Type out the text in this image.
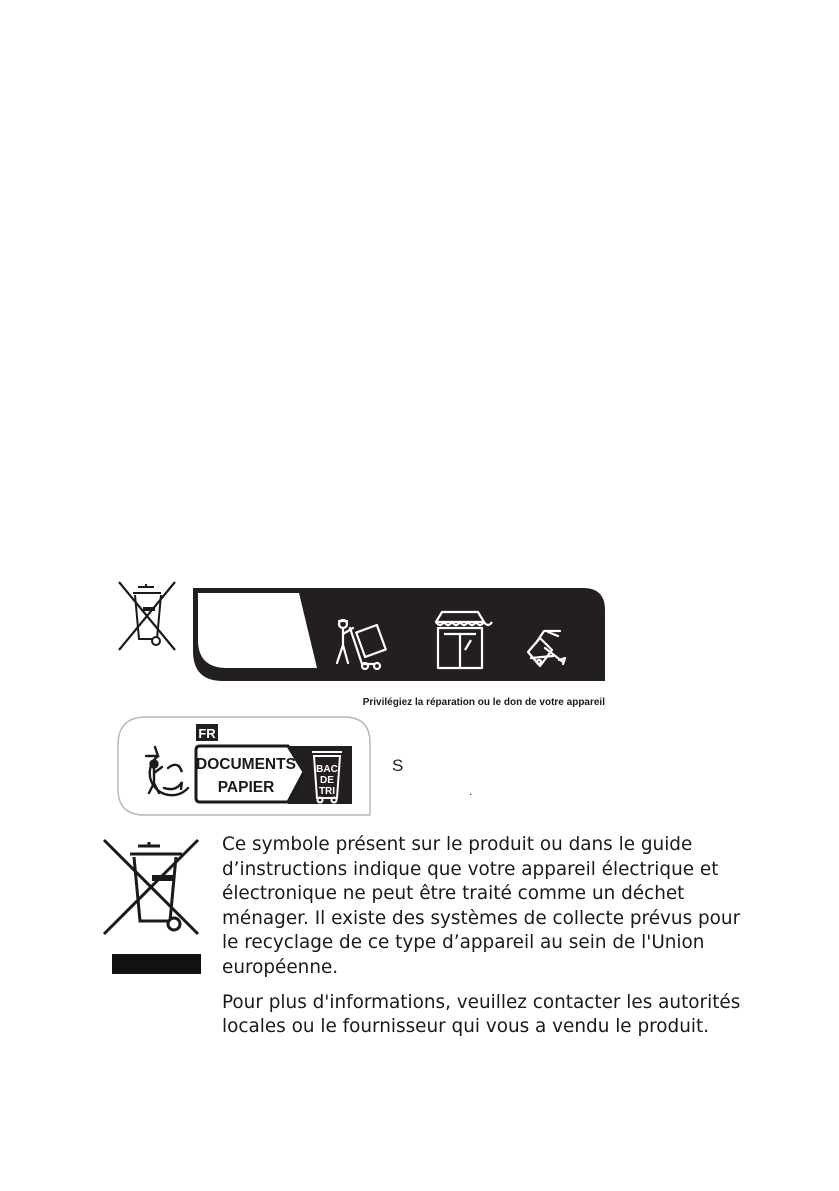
Privilégiez la réparation ou le don de votre appareil
FR
DOCUMENTS
PAPIER
BAC
DE
TRI
S
.

Ce symbole présent sur le produit ou dans le guide d’instructions indique que votre appareil électrique et électronique ne peut être traité comme un déchet ménager. Il existe des systèmes de collecte prévus pour le recyclage de ce type d’appareil au sein de l'Union européenne.

Pour plus d'informations, veuillez contacter les autorités locales ou le fournisseur qui vous a vendu le produit.
